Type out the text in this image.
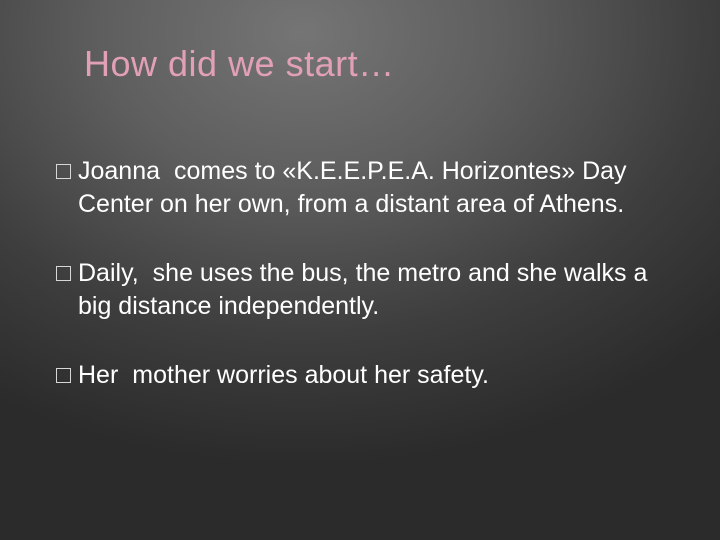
How did we start…
Joanna comes to «K.E.E.P.E.A. Horizontes» Day Center on her own, from a distant area of Athens.
Daily, she uses the bus, the metro and she walks a big distance independently.
Her mother worries about her safety.
